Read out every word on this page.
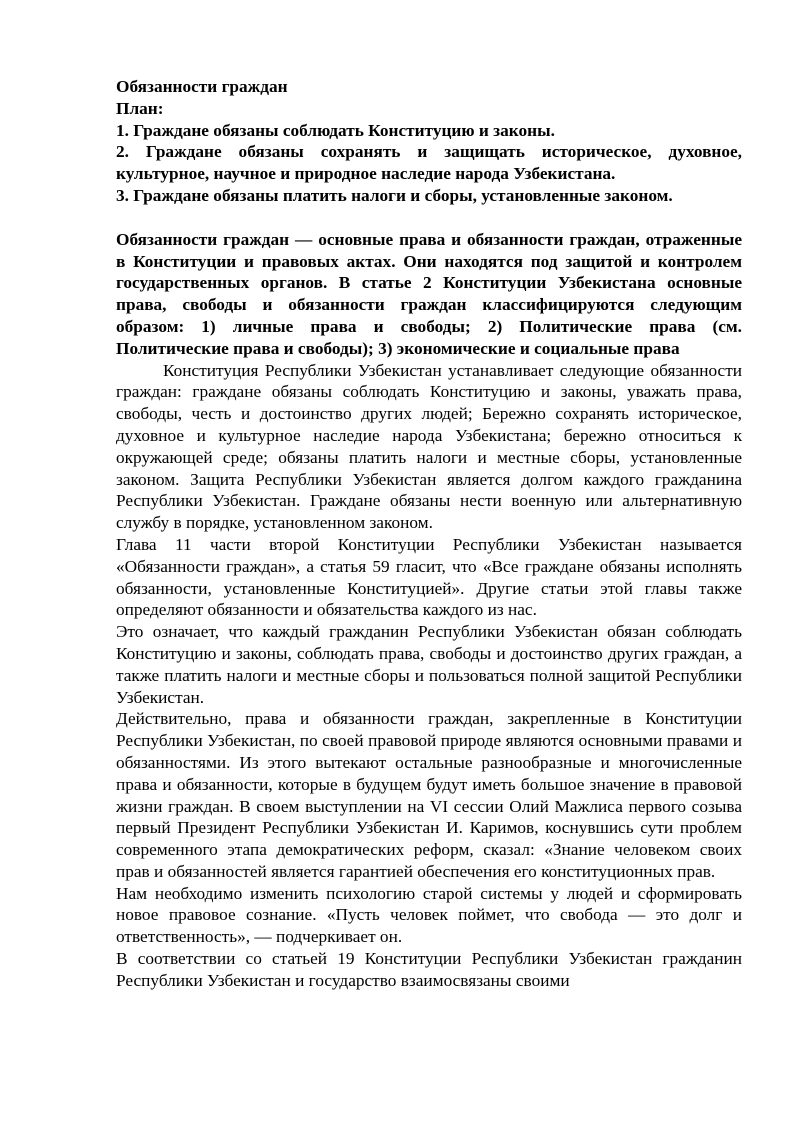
Обязанности граждан
План:

1. Граждане обязаны соблюдать Конституцию и законы.

2. Граждане обязаны сохранять и защищать историческое, духовное, культурное, научное и природное наследие народа Узбекистана.

3. Граждане обязаны платить налоги и сборы, установленные законом.

Обязанности граждан — основные права и обязанности граждан, отраженные в Конституции и правовых актах. Они находятся под защитой и контролем государственных органов. В статье 2 Конституции Узбекистана основные права, свободы и обязанности граждан классифицируются следующим образом: 1) личные права и свободы; 2) Политические права (см. Политические права и свободы); 3) экономические и социальные права

Конституция Республики Узбекистан устанавливает следующие обязанности граждан: граждане обязаны соблюдать Конституцию и законы, уважать права, свободы, честь и достоинство других людей; Бережно сохранять историческое, духовное и культурное наследие народа Узбекистана; бережно относиться к окружающей среде; обязаны платить налоги и местные сборы, установленные законом. Защита Республики Узбекистан является долгом каждого гражданина Республики Узбекистан. Граждане обязаны нести военную или альтернативную службу в порядке, установленном законом.

Глава 11 части второй Конституции Республики Узбекистан называется «Обязанности граждан», а статья 59 гласит, что «Все граждане обязаны исполнять обязанности, установленные Конституцией». Другие статьи этой главы также определяют обязанности и обязательства каждого из нас.

Это означает, что каждый гражданин Республики Узбекистан обязан соблюдать Конституцию и законы, соблюдать права, свободы и достоинство других граждан, а также платить налоги и местные сборы и пользоваться полной защитой Республики Узбекистан.

Действительно, права и обязанности граждан, закрепленные в Конституции Республики Узбекистан, по своей правовой природе являются основными правами и обязанностями. Из этого вытекают остальные разнообразные и многочисленные права и обязанности, которые в будущем будут иметь большое значение в правовой жизни граждан. В своем выступлении на VI сессии Олий Мажлиса первого созыва первый Президент Республики Узбекистан И. Каримов, коснувшись сути проблем современного этапа демократических реформ, сказал: «Знание человеком своих прав и обязанностей является гарантией обеспечения его конституционных прав.

Нам необходимо изменить психологию старой системы у людей и сформировать новое правовое сознание. «Пусть человек поймет, что свобода — это долг и ответственность», — подчеркивает он.

В соответствии со статьей 19 Конституции Республики Узбекистан гражданин Республики Узбекистан и государство взаимосвязаны своими
